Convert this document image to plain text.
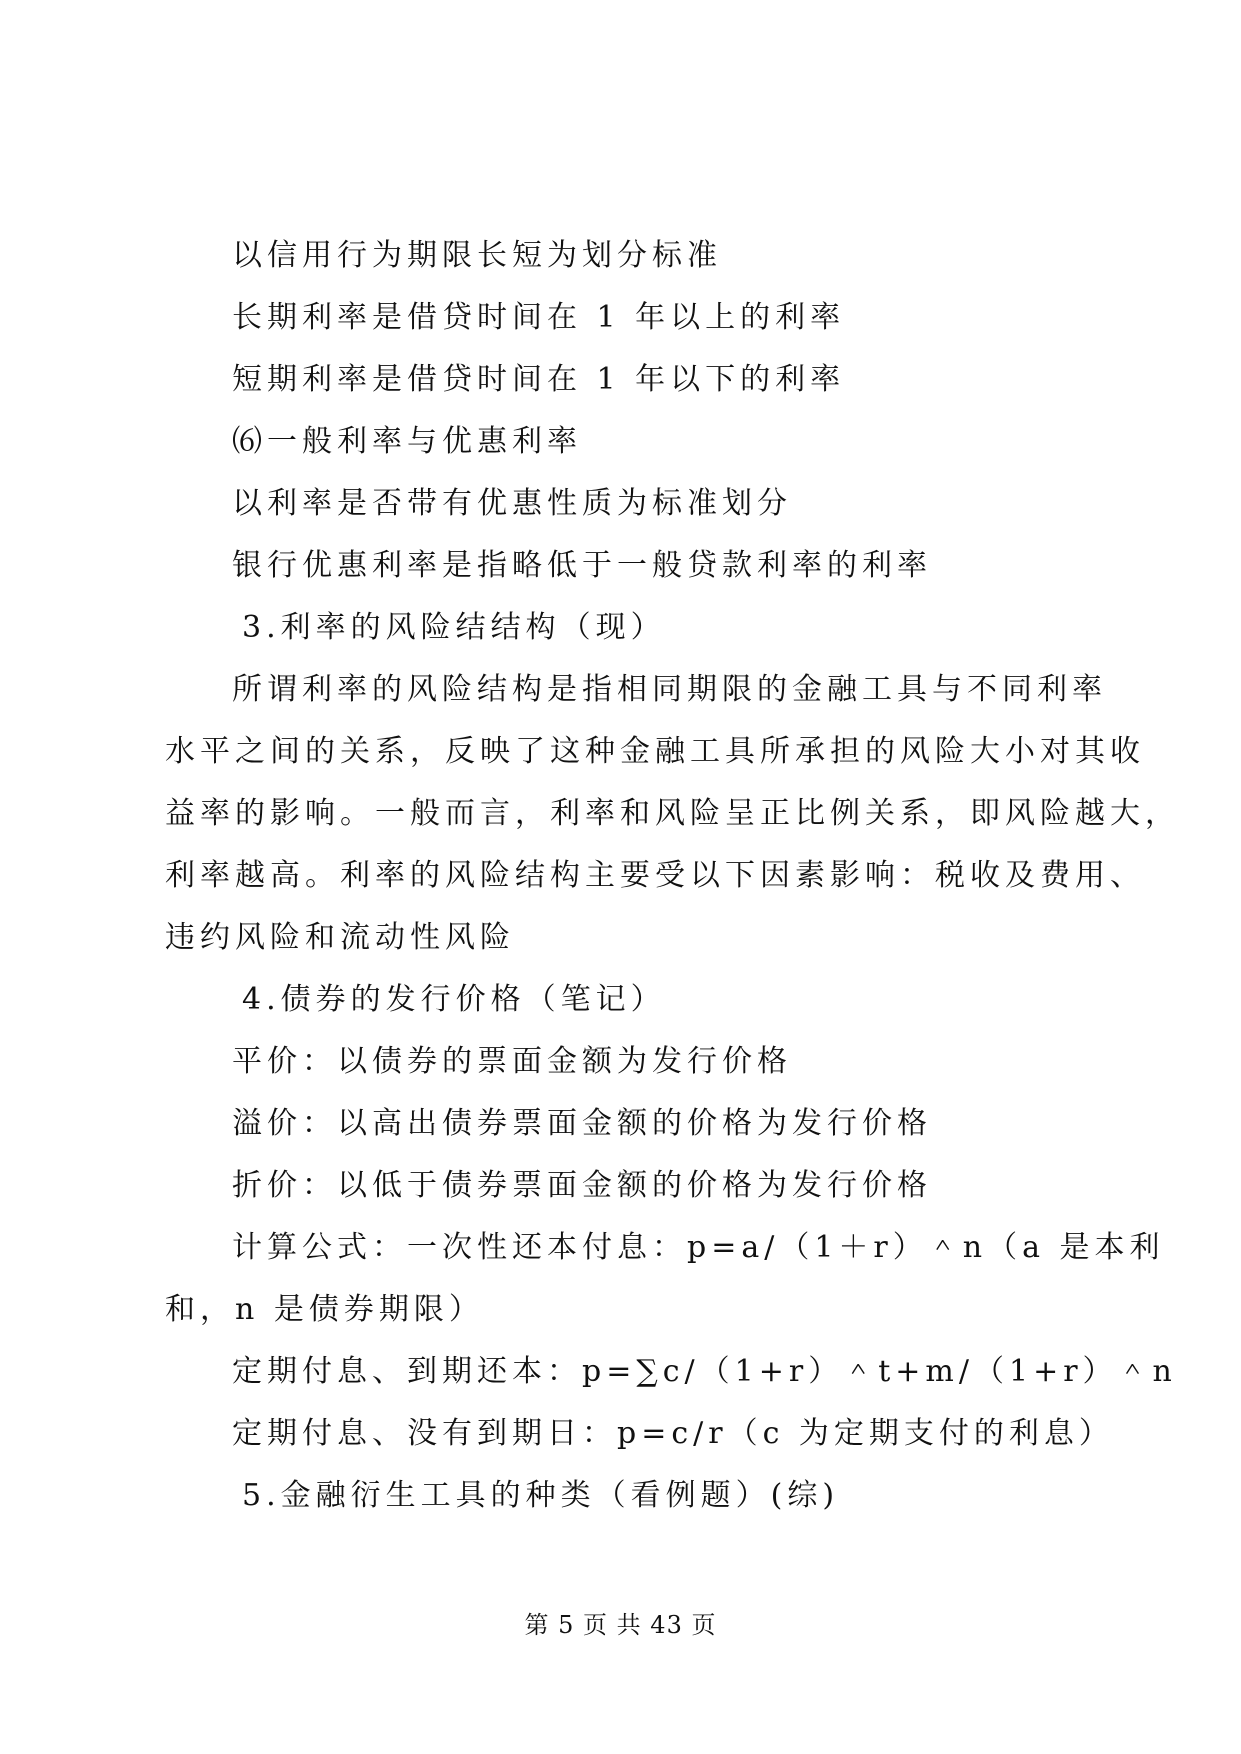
以信用行为期限长短为划分标准
长期利率是借贷时间在 1 年以上的利率
短期利率是借贷时间在 1 年以下的利率
⑹一般利率与优惠利率
以利率是否带有优惠性质为标准划分
银行优惠利率是指略低于一般贷款利率的利率
3.利率的风险结结构（现）
所谓利率的风险结构是指相同期限的金融工具与不同利率
水平之间的关系，反映了这种金融工具所承担的风险大小对其收
益率的影响。一般而言，利率和风险呈正比例关系，即风险越大，
利率越高。利率的风险结构主要受以下因素影响：税收及费用、
违约风险和流动性风险
4.债券的发行价格（笔记）
平价：以债券的票面金额为发行价格
溢价：以高出债券票面金额的价格为发行价格
折价：以低于债券票面金额的价格为发行价格
计算公式：一次性还本付息：p=a/（1＋r）＾n（a 是本利
和，n 是债券期限）
定期付息、到期还本：p=∑c/（1+r）＾t+m/（1+r）＾n
定期付息、没有到期日：p=c/r（c 为定期支付的利息）
5.金融衍生工具的种类（看例题）(综)
第 5 页 共 43 页
